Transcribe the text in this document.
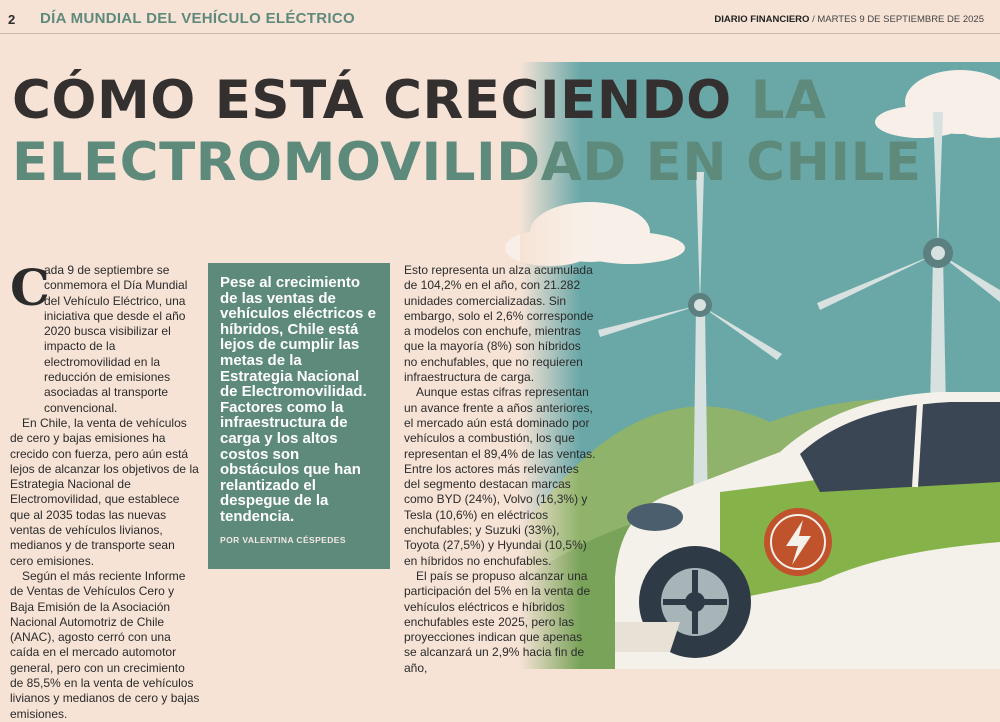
2 DÍA MUNDIAL DEL VEHÍCULO ELÉCTRICO	DIARIO FINANCIERO / MARTES 9 DE SEPTIEMBRE DE 2025
CÓMO ESTÁ CRECIENDO LA
ELECTROMOVILIDAD EN CHILE
C

ada 9 de septiembre se conmemora el Día Mundial del Vehículo Eléctrico, una iniciativa que desde el año 2020 busca visibilizar el impacto de la electromovilidad en la reducción de emisiones asociadas al transporte convencional.

En Chile, la venta de vehículos de cero y bajas emisiones ha crecido con fuerza, pero aún está lejos de alcanzar los objetivos de la Estrategia Nacional de Electromovilidad, que establece que al 2035 todas las nuevas ventas de vehículos livianos, medianos y de transporte sean cero emisiones.

Según el más reciente Informe de Ventas de Vehículos Cero y Baja Emisión de la Asociación Nacional Automotriz de Chile (ANAC), agosto cerró con una caída en el mercado automotor general, pero con un crecimiento de 85,5% en la venta de vehículos livianos y medianos de cero y bajas emisiones.

Pese al crecimiento de las ventas de vehículos eléctricos e híbridos, Chile está lejos de cumplir las metas de la Estrategia Nacional de Electromovilidad. Factores como la infraestructura de carga y los altos costos son obstáculos que han relantizado el despegue de la tendencia.

POR VALENTINA CÉSPEDES

Esto representa un alza acumulada de 104,2% en el año, con 21.282 unidades comercializadas. Sin embargo, solo el 2,6% corresponde a modelos con enchufe, mientras que la mayoría (8%) son híbridos no enchufables, que no requieren infraestructura de carga.

Aunque estas cifras representan un avance frente a años anteriores, el mercado aún está dominado por vehículos a combustión, los que representan el 89,4% de las ventas. Entre los actores más relevantes del segmento destacan marcas como BYD (24%), Volvo (16,3%) y Tesla (10,6%) en eléctricos enchufables; y Suzuki (33%), Toyota (27,5%) y Hyundai (10,5%) en híbridos no enchufables.

El país se propuso alcanzar una participación del 5% en la venta de vehículos eléctricos e híbridos enchufables este 2025, pero las proyecciones indican que apenas se alcanzará un 2,9% hacia fin de año,
